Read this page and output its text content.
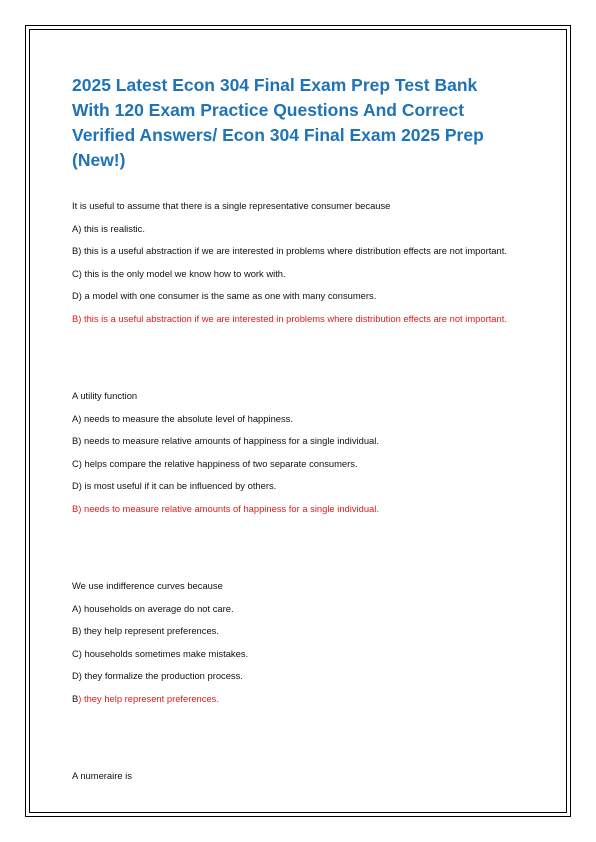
2025 Latest Econ 304 Final Exam Prep Test Bank With 120 Exam Practice Questions And Correct Verified Answers/ Econ 304 Final Exam 2025 Prep (New!)

It is useful to assume that there is a single representative consumer because

A) this is realistic.

B) this is a useful abstraction if we are interested in problems where distribution effects are not important.

C) this is the only model we know how to work with.

D) a model with one consumer is the same as one with many consumers.

B) this is a useful abstraction if we are interested in problems where distribution effects are not important.

A utility function

A) needs to measure the absolute level of happiness.

B) needs to measure relative amounts of happiness for a single individual.

C) helps compare the relative happiness of two separate consumers.

D) is most useful if it can be influenced by others.

B) needs to measure relative amounts of happiness for a single individual.

We use indifference curves because

A) households on average do not care.

B) they help represent preferences.

C) households sometimes make mistakes.

D) they formalize the production process.

B) they help represent preferences.

A numeraire is
